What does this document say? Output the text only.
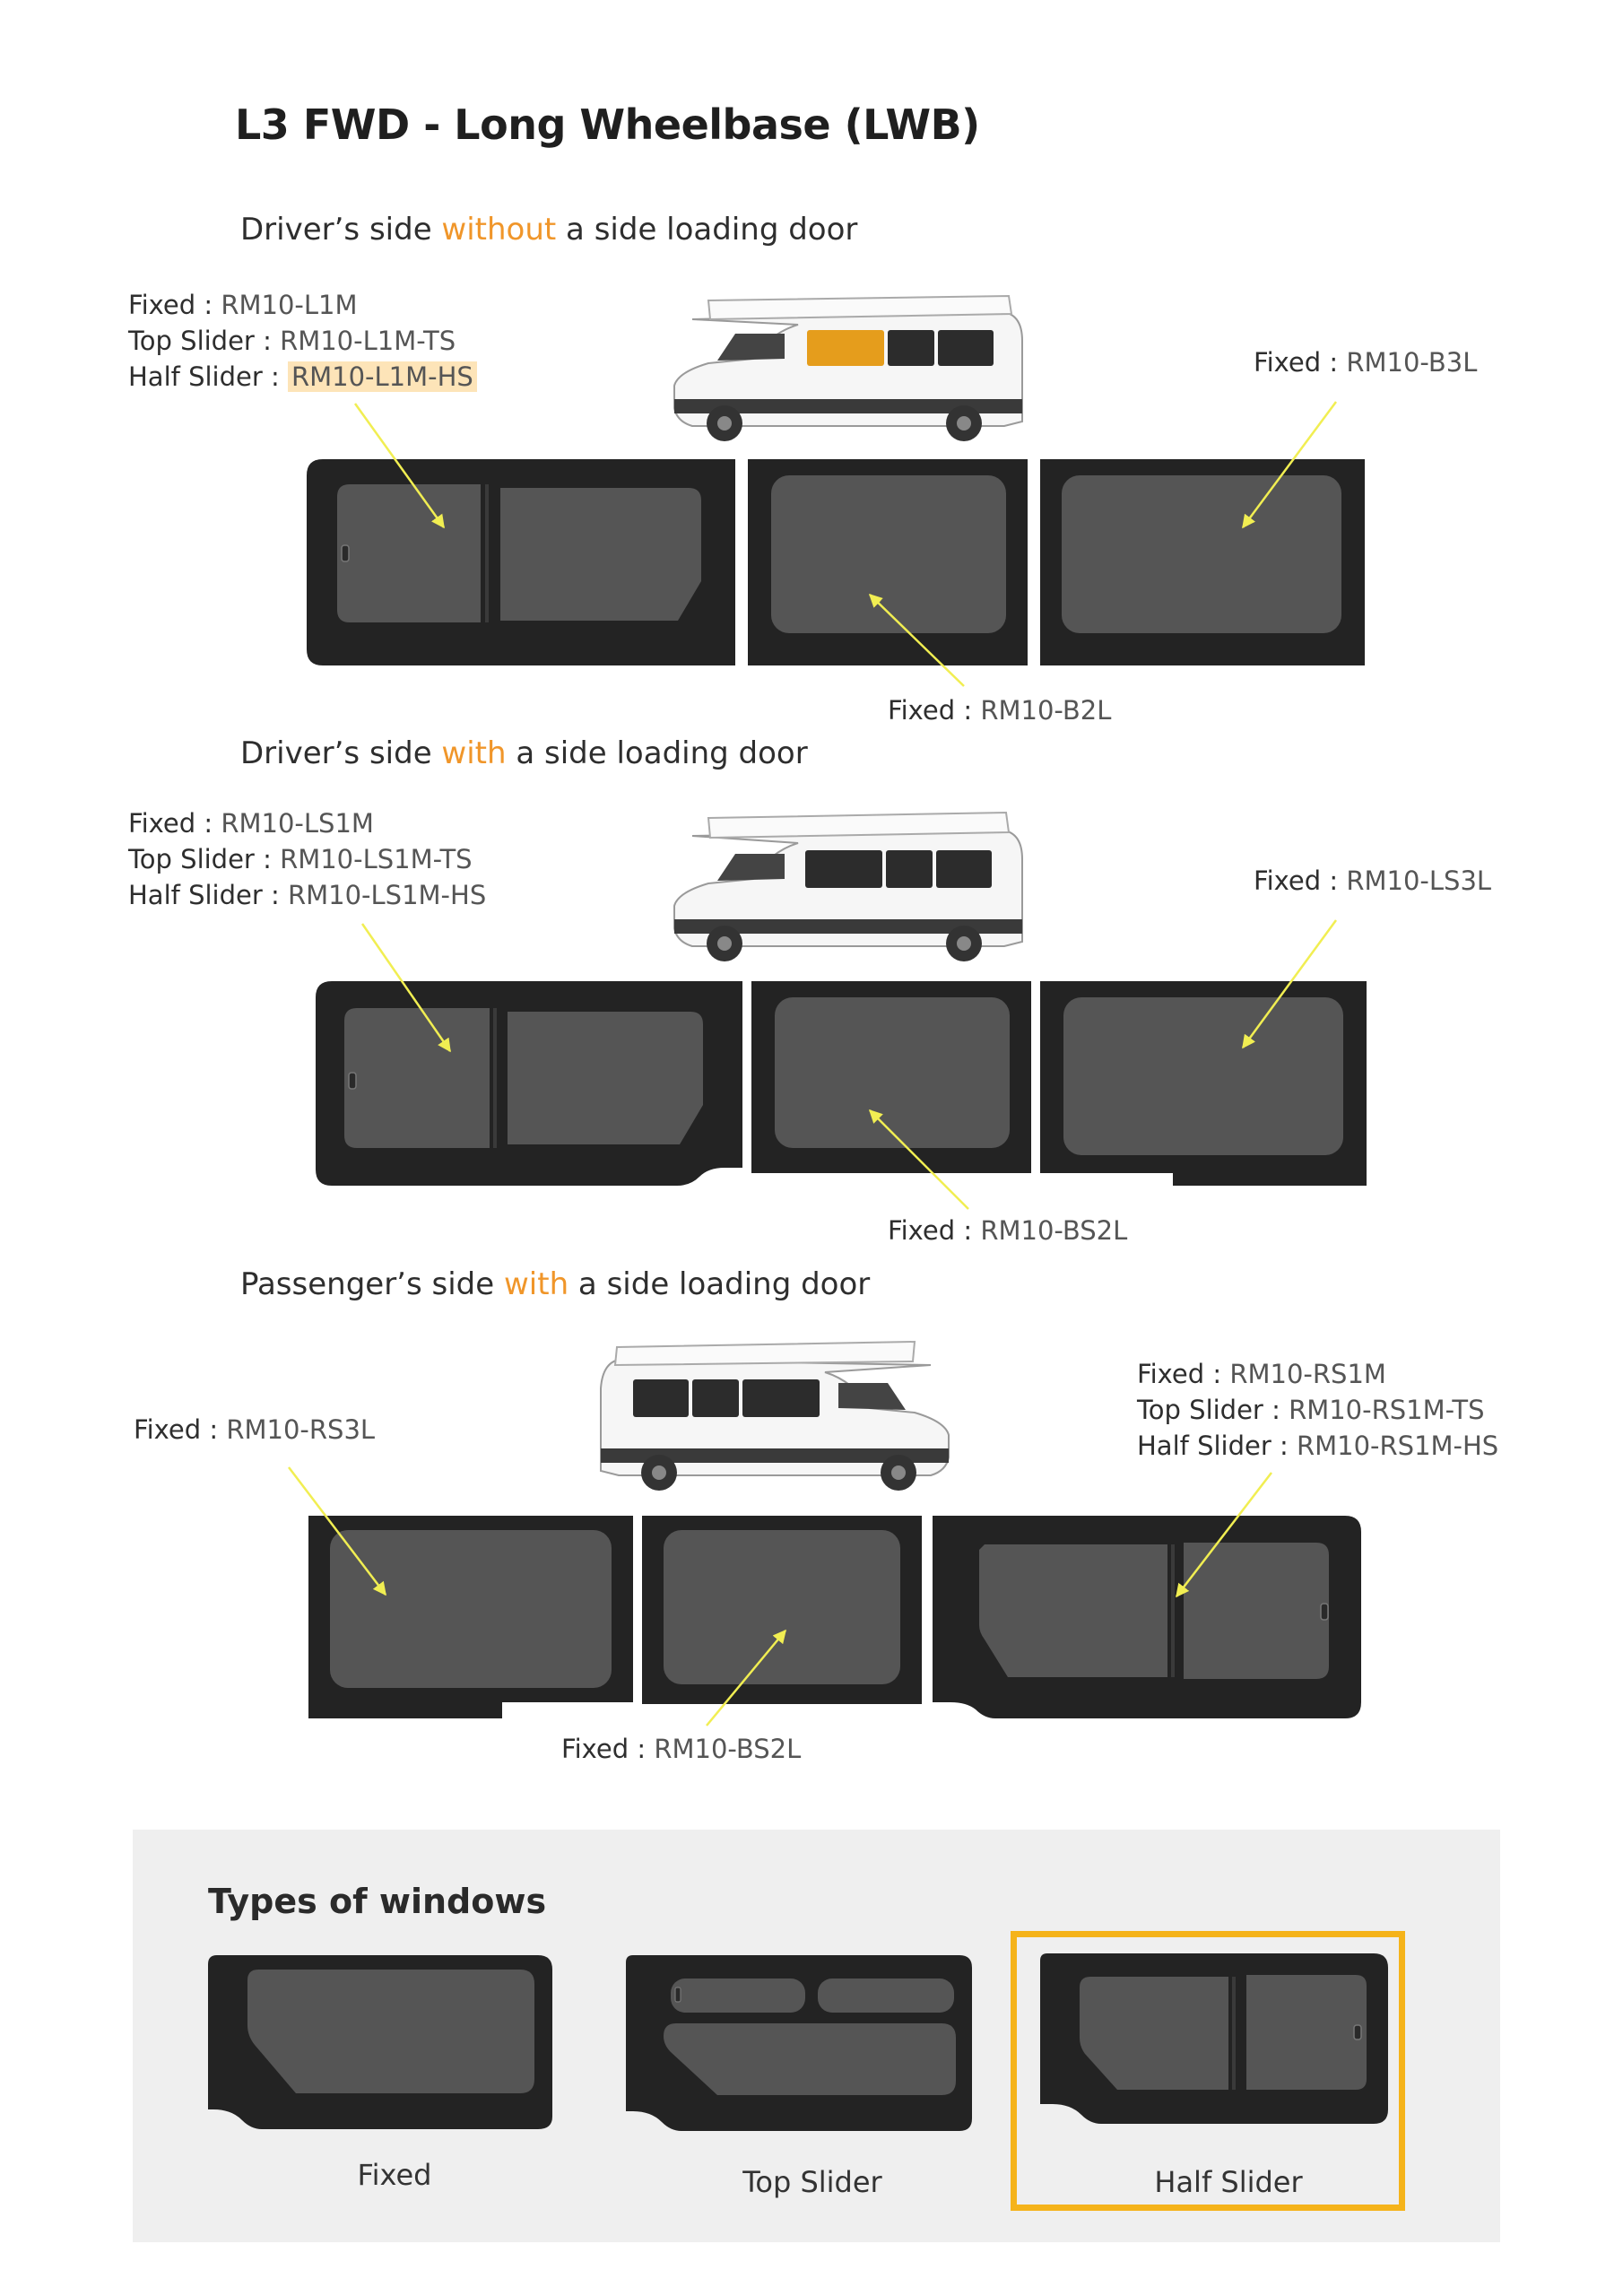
L3 FWD - Long Wheelbase (LWB)
Driver’s side without a side loading door
Driver’s side with a side loading door
Passenger’s side with a side loading door
Fixed : RM10-L1M
Top Slider : RM10-L1M-TS
Half Slider : RM10-L1M-HS	Fixed : RM10-B3L
Fixed : RM10-B2L
Fixed : RM10-LS1M
Top Slider : RM10-LS1M-TS
Half Slider : RM10-LS1M-HS	Fixed : RM10-LS3L
Fixed : RM10-BS2L
Fixed : RM10-RS3L
Fixed : RM10-RS1M
Top Slider : RM10-RS1M-TS
Half Slider : RM10-RS1M-HS
Fixed : RM10-BS2L
Types of windows
Fixed	Top Slider	Half Slider
